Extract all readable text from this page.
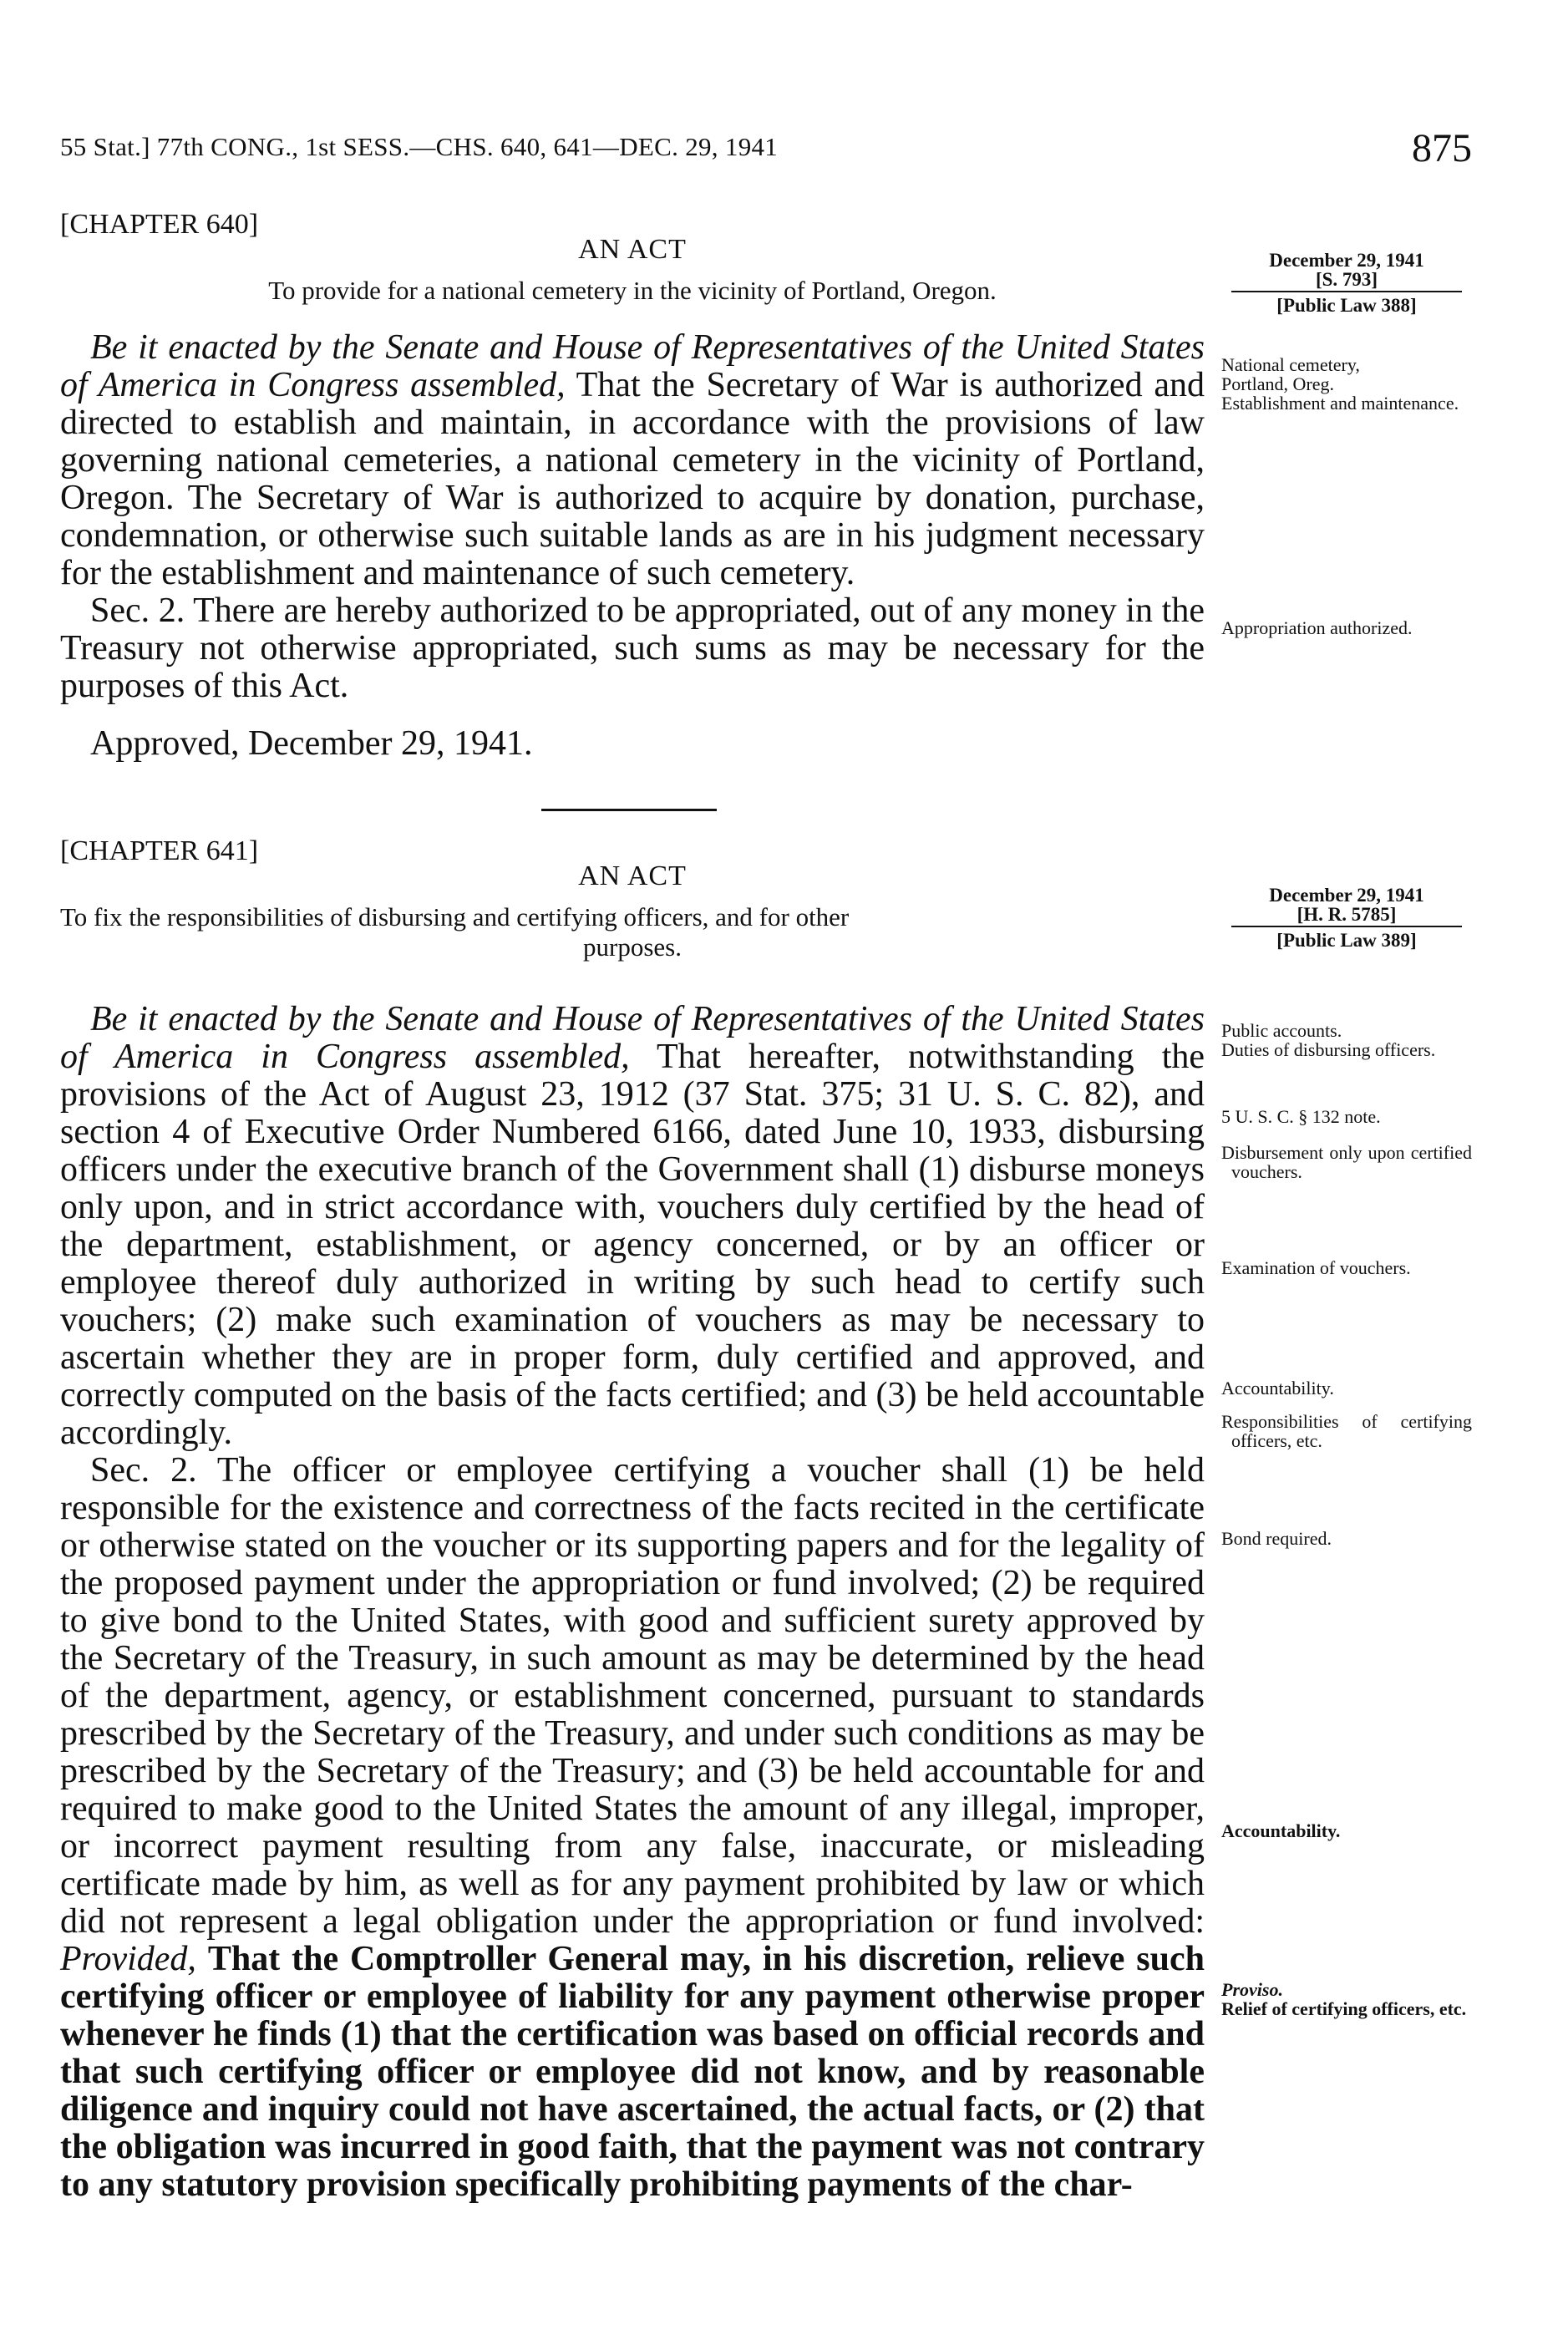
55 Stat.] 77th CONG., 1st SESS.—CHS. 640, 641—DEC. 29, 1941	875
[CHAPTER 640]
AN ACT
To provide for a national cemetery in the vicinity of Portland, Oregon.

Be it enacted by the Senate and House of Representatives of the United States of America in Congress assembled, That the Secretary of War is authorized and directed to establish and maintain, in accordance with the provisions of law governing national cemeteries, a national cemetery in the vicinity of Portland, Oregon. The Secretary of War is authorized to acquire by donation, purchase, condemnation, or otherwise such suitable lands as are in his judgment necessary for the establishment and maintenance of such cemetery.

Sec. 2. There are hereby authorized to be appropriated, out of any money in the Treasury not otherwise appropriated, such sums as may be necessary for the purposes of this Act.

Approved, December 29, 1941.
[CHAPTER 641]
AN ACT
To fix the responsibilities of disbursing and certifying officers, and for other

purposes.

Be it enacted by the Senate and House of Representatives of the United States of America in Congress assembled, That hereafter, notwithstanding the provisions of the Act of August 23, 1912 (37 Stat. 375; 31 U. S. C. 82), and section 4 of Executive Order Numbered 6166, dated June 10, 1933, disbursing officers under the executive branch of the Government shall (1) disburse moneys only upon, and in strict accordance with, vouchers duly certified by the head of the department, establishment, or agency concerned, or by an officer or employee thereof duly authorized in writing by such head to certify such vouchers; (2) make such examination of vouchers as may be necessary to ascertain whether they are in proper form, duly certified and approved, and correctly computed on the basis of the facts certified; and (3) be held accountable accordingly.

Sec. 2. The officer or employee certifying a voucher shall (1) be held responsible for the existence and correctness of the facts recited in the certificate or otherwise stated on the voucher or its supporting papers and for the legality of the proposed payment under the appropriation or fund involved; (2) be required to give bond to the United States, with good and sufficient surety approved by the Secretary of the Treasury, in such amount as may be determined by the head of the department, agency, or establishment concerned, pursuant to standards prescribed by the Secretary of the Treasury, and under such conditions as may be prescribed by the Secretary of the Treasury; and (3) be held accountable for and required to make good to the United States the amount of any illegal, improper, or incorrect payment resulting from any false, inaccurate, or misleading certificate made by him, as well as for any payment prohibited by law or which did not represent a legal obligation under the appropriation or fund involved: Provided, That the Comptroller General may, in his discretion, relieve such certifying officer or employee of liability for any payment otherwise proper whenever he finds (1) that the certification was based on official records and that such certifying officer or employee did not know, and by reasonable diligence and inquiry could not have ascertained, the actual facts, or (2) that the obligation was incurred in good faith, that the payment was not contrary to any statutory provision specifically prohibiting payments of the char-

December 29, 1941
[S. 793]
[Public Law 388]
National cemetery,
Portland, Oreg.
Establishment and maintenance.
Appropriation authorized.
December 29, 1941
[H. R. 5785]
[Public Law 389]
Public accounts.
Duties of disbursing officers.
5 U. S. C. § 132 note.
Disbursement only upon certified vouchers.
Examination of vouchers.
Accountability.
Responsibilities of certifying officers, etc.
Bond required.
Accountability.
Proviso.
Relief of certifying officers, etc.
